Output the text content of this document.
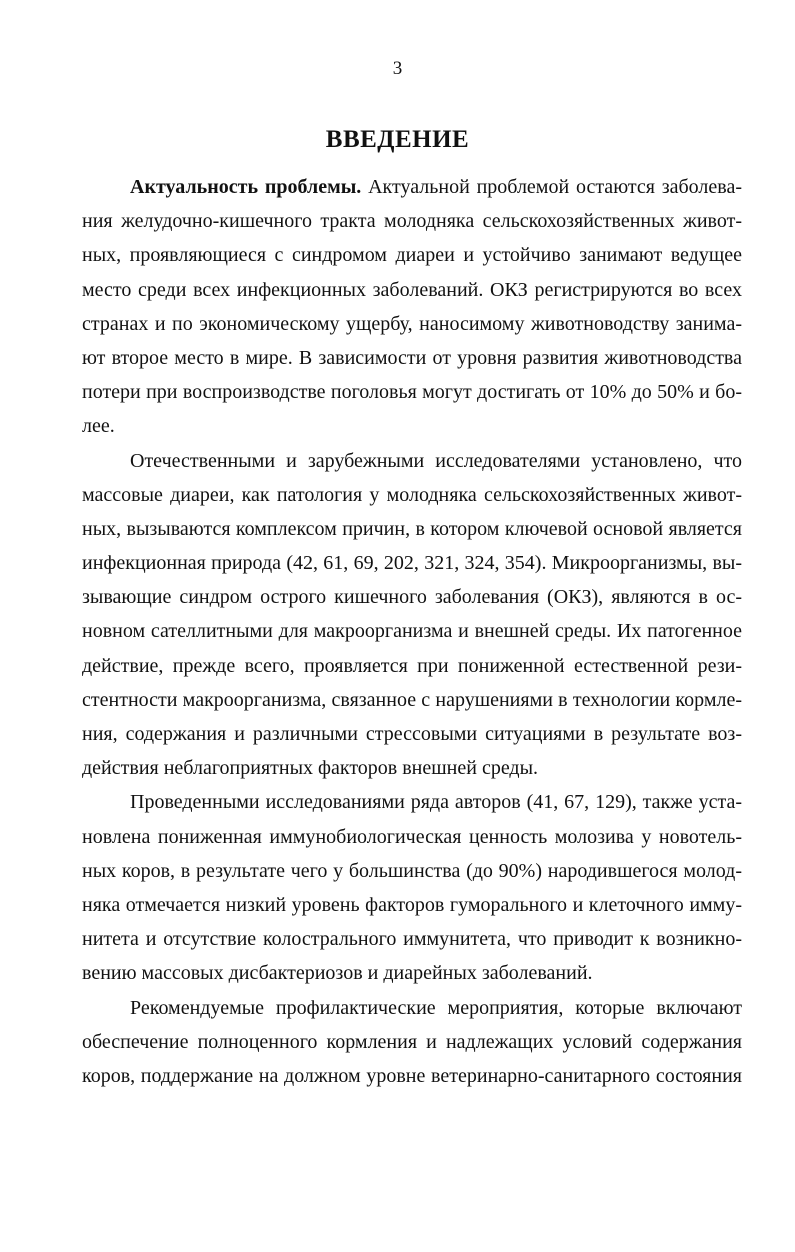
3
ВВЕДЕНИЕ
Актуальность проблемы. Актуальной проблемой остаются заболева-
ния желудочно-кишечного тракта молодняка сельскохозяйственных живот-
ных, проявляющиеся с синдромом диареи и устойчиво занимают ведущее
место среди всех инфекционных заболеваний. ОКЗ регистрируются во всех
странах и по экономическому ущербу, наносимому животноводству занима-
ют второе место в мире. В зависимости от уровня развития животноводства
потери при воспроизводстве поголовья могут достигать от 10% до 50% и бо-
лее.
Отечественными и зарубежными исследователями установлено, что
массовые диареи, как патология у молодняка сельскохозяйственных живот-
ных, вызываются комплексом причин, в котором ключевой основой является
инфекционная природа (42, 61, 69, 202, 321, 324, 354). Микроорганизмы, вы-
зывающие синдром острого кишечного заболевания (ОКЗ), являются в ос-
новном сателлитными для макроорганизма и внешней среды. Их патогенное
действие, прежде всего, проявляется при пониженной естественной рези-
стентности макроорганизма, связанное с нарушениями в технологии кормле-
ния, содержания и различными стрессовыми ситуациями в результате воз-
действия неблагоприятных факторов внешней среды.
Проведенными исследованиями ряда авторов (41, 67, 129), также уста-
новлена пониженная иммунобиологическая ценность молозива у новотель-
ных коров, в результате чего у большинства (до 90%) народившегося молод-
няка отмечается низкий уровень факторов гуморального и клеточного иммy-
нитета и отсутствие колострального иммунитета, что приводит к возникно-
вению массовых дисбактериозов и диарейных заболеваний.
Рекомендуемые профилактические мероприятия, которые включают
обеспечение полноценного кормления и надлежащих условий содержания
коров, поддержание на должном уровне ветеринарно-санитарного состояния
